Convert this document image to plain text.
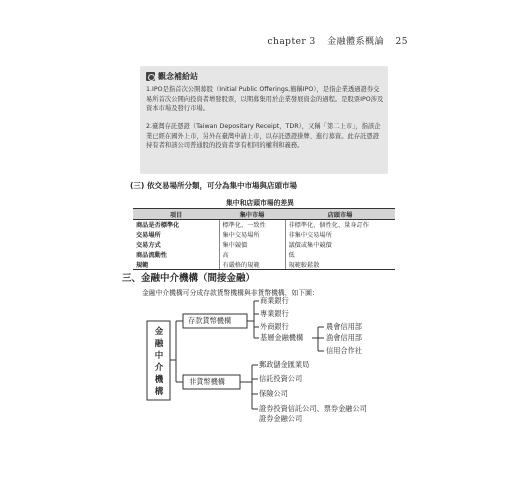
chapter 3 金融體系概論 25
觀念補給站
1.IPO是指首次公開募股（Initial Public Offerings,簡稱IPO），是指企業透過證券交易所首次公開向投資者增發股票，以期募集用於企業發展資金的過程。是股票IPO涉及資本市場及發行市場。
2.臺灣存託憑證（Taiwan Depositary Receipt，TDR），又稱「第二上市」，指該企業已經在國外上市，另外在臺灣申請上市，以存託憑證掛牌、進行募資。此存託憑證持有者和該公司普通股的投資者享有相同的權利和義務。
(三) 依交易場所分類，可分為集中市場與店頭市場
集中和店頭市場的差異
項目	集中市場	店頭市場
商品是否標準化	標準化、一致性	非標準化、個性化、量身訂作
交易場所	集中交易場所	非集中交易場所
交易方式	集中競價	議價或集中競價
商品流動性	高	低
規範	有嚴格的規範	規範較鬆散
三、金融中介機構（間接金融）
金融中介機構可分成存款貨幣機構與非貨幣機構，如下圖：
金
融
中
介
機
構
存款貨幣機構
非貨幣機構
商業銀行
專業銀行
外商銀行
基層金融機構
農會信用部
漁會信用部
信用合作社
郵政儲金匯業局
信託投資公司
保險公司
證券投資信託公司、票券金融公司
證券金融公司
